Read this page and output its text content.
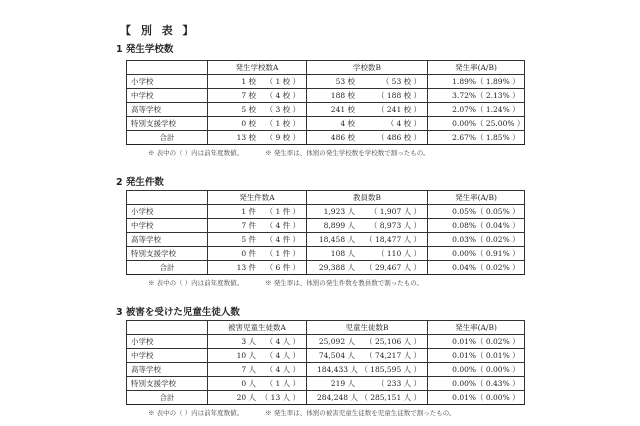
【 別 表 】
1 発生学校数
	発生学校数A	学校数B	発生率(A/B)
小学校	1 校 （ 1 校 ）	53 校 （ 53 校 ）	1.89% （ 1.89% ）

中学校	7 校 （ 4 校 ）	188 校 （ 188 校 ）	3.72% （ 2.13% ）

高等学校	5 校 （ 3 校 ）	241 校 （ 241 校 ）	2.07% （ 1.24% ）

特別支援学校	0 校 （ 1 校 ）	4 校 （ 4 校 ）	0.00% （ 25.00% ）

合計	13 校 （ 9 校 ）	486 校 （ 486 校 ）	2.67% （ 1.85% ）
※ 表中の（ ）内は前年度数値。	※ 発生率は、体罰の発生学校数を学校数で割ったもの。
2 発生件数
	発生件数A	教員数B	発生率(A/B)
小学校	1 件 （ 1 件 ）	1,923 人 （ 1,907 人 ）	0.05% （ 0.05% ）

中学校	7 件 （ 4 件 ）	8,899 人 （ 8,973 人 ）	0.08% （ 0.04% ）

高等学校	5 件 （ 4 件 ）	18,458 人 （ 18,477 人 ）	0.03% （ 0.02% ）

特別支援学校	0 件 （ 1 件 ）	108 人 （ 110 人 ）	0.00% （ 0.91% ）

合計	13 件 （ 6 件 ）	29,388 人 （ 29,467 人 ）	0.04% （ 0.02% ）
※ 表中の（ ）内は前年度数値。	※ 発生率は、体罰の発生件数を教員数で割ったもの。
3 被害を受けた児童生徒人数
	被害児童生徒数A	児童生徒数B	発生率(A/B)
小学校	3 人 （ 4 人 ）	25,092 人 （ 25,106 人 ）	0.01% （ 0.02% ）

中学校	10 人 （ 4 人 ）	74,504 人 （ 74,217 人 ）	0.01% （ 0.01% ）

高等学校	7 人 （ 4 人 ）	184,433 人 （ 185,595 人 ）	0.00% （ 0.00% ）

特別支援学校	0 人 （ 1 人 ）	219 人 （ 233 人 ）	0.00% （ 0.43% ）

合計	20 人 （ 13 人 ）	284,248 人 （ 285,151 人 ）	0.01% （ 0.00% ）
※ 表中の（ ）内は前年度数値。	※ 発生率は、体罰の被害児童生徒数を児童生徒数で割ったもの。
